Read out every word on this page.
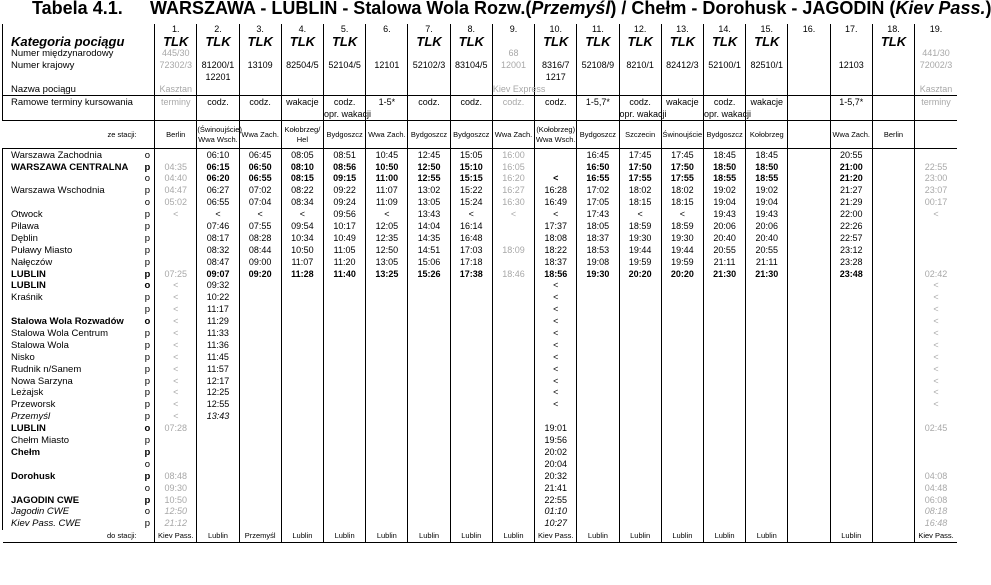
Tabela 4.1. WARSZAWA - LUBLIN - Stalowa Wola Rozw.(Przemyśl) / Chełm - Dorohusk - JAGODIN (Kiev Pass.)
		1.	2.	3.	4.	5.	6.	7.	8.	9.	10.	11.	12.	13.	14.	15.	16.	17.	18.	19.
Kategoria pociągu		TLK	TLK	TLK	TLK	TLK		TLK	TLK		TLK	TLK	TLK	TLK	TLK	TLK			TLK	
Numer międzynarodowy		445/30								68										441/30
Numer krajowy		72302/3	81200/1	13109	82504/5	52104/5	12101	52102/3	83104/5	12001	8316/7	52108/9	8210/1	82412/3	52100/1	82510/1		12103		72002/3
			12201								1217									
Nazwa pociągu		Kasztan								Kiev Express										Kasztan
Ramowe terminy kursowania		terminy	codz.	codz.	wakacje	codz.	1-5*	codz.	codz.	codz.	codz.	1-5,7*	codz.	wakacje	codz.	wakacje		1-5,7*		terminy
						opr. wakacji							opr. wakacji		opr. wakacji					
ze stacji:		Berlin	(Świnoujście) Wwa Wsch.	Wwa Zach.	Kołobrzeg/ Hel	Bydgoszcz	Wwa Zach.	Bydgoszcz	Bydgoszcz	Wwa Zach.	(Kołobrzeg) Wwa Wsch.	Bydgoszcz	Szczecin	Świnoujście	Bydgoszcz	Kołobrzeg		Wwa Zach.	Berlin	
Warszawa Zachodnia	o		06:10	06:45	08:05	08:51	10:45	12:45	15:05	16:00		16:45	17:45	17:45	18:45	18:45		20:55		
WARSZAWA CENTRALNA	p	04:35	06:15	06:50	08:10	08:56	10:50	12:50	15:10	16:05		16:50	17:50	17:50	18:50	18:50		21:00		22:55
	o	04:40	06:20	06:55	08:15	09:15	11:00	12:55	15:15	16:20	<	16:55	17:55	17:55	18:55	18:55		21:20		23:00
Warszawa Wschodnia	p	04:47	06:27	07:02	08:22	09:22	11:07	13:02	15:22	16:27	16:28	17:02	18:02	18:02	19:02	19:02		21:27		23:07
	o	05:02	06:55	07:04	08:34	09:24	11:09	13:05	15:24	16:30	16:49	17:05	18:15	18:15	19:04	19:04		21:29		00:17
Otwock	p	<	<	<	<	09:56	<	13:43	<	<	<	17:43	<	<	19:43	19:43		22:00		<
Pilawa	p		07:46	07:55	09:54	10:17	12:05	14:04	16:14		17:37	18:05	18:59	18:59	20:06	20:06		22:26		
Dęblin	p		08:17	08:28	10:34	10:49	12:35	14:35	16:48		18:08	18:37	19:30	19:30	20:40	20:40		22:57		
Puławy Miasto	p		08:32	08:44	10:50	11:05	12:50	14:51	17:03	18:09	18:22	18:53	19:44	19:44	20:55	20:55		23:12		
Nałęczów	p		08:47	09:00	11:07	11:20	13:05	15:06	17:18		18:37	19:08	19:59	19:59	21:11	21:11		23:28		
LUBLIN	p	07:25	09:07	09:20	11:28	11:40	13:25	15:26	17:38	18:46	18:56	19:30	20:20	20:20	21:30	21:30		23:48		02:42
LUBLIN	o	<	09:32								<									<
Kraśnik	p	<	10:22								<									<
	p	<	11:17								<									<
Stalowa Wola Rozwadów	o	<	11:29								<									<
Stalowa Wola Centrum	p	<	11:33								<									<
Stalowa Wola	p	<	11:36								<									<
Nisko	p	<	11:45								<									<
Rudnik n/Sanem	p	<	11:57								<									<
Nowa Sarzyna	p	<	12:17								<									<
Leżajsk	p	<	12:25								<									<
Przeworsk	p	<	12:55								<									<
Przemyśl	p	<	13:43																	
LUBLIN	o	07:28									19:01									02:45
Chełm Miasto	p										19:56									
Chełm	p										20:02									
	o										20:04									
Dorohusk	p	08:48									20:32									04:08
	o	09:30									21:41									04:48
JAGODIN CWE	p	10:50									22:55									06:08
Jagodin CWE	o	12:50									01:10									08:18
Kiev Pass. CWE	p	21:12									10:27									16:48
do stacji:		Kiev Pass.	Lublin	Przemyśl	Lublin	Lublin	Lublin	Lublin	Lublin	Lublin	Kiev Pass.	Lublin	Lublin	Lublin	Lublin	Lublin		Lublin		Kiev Pass.
